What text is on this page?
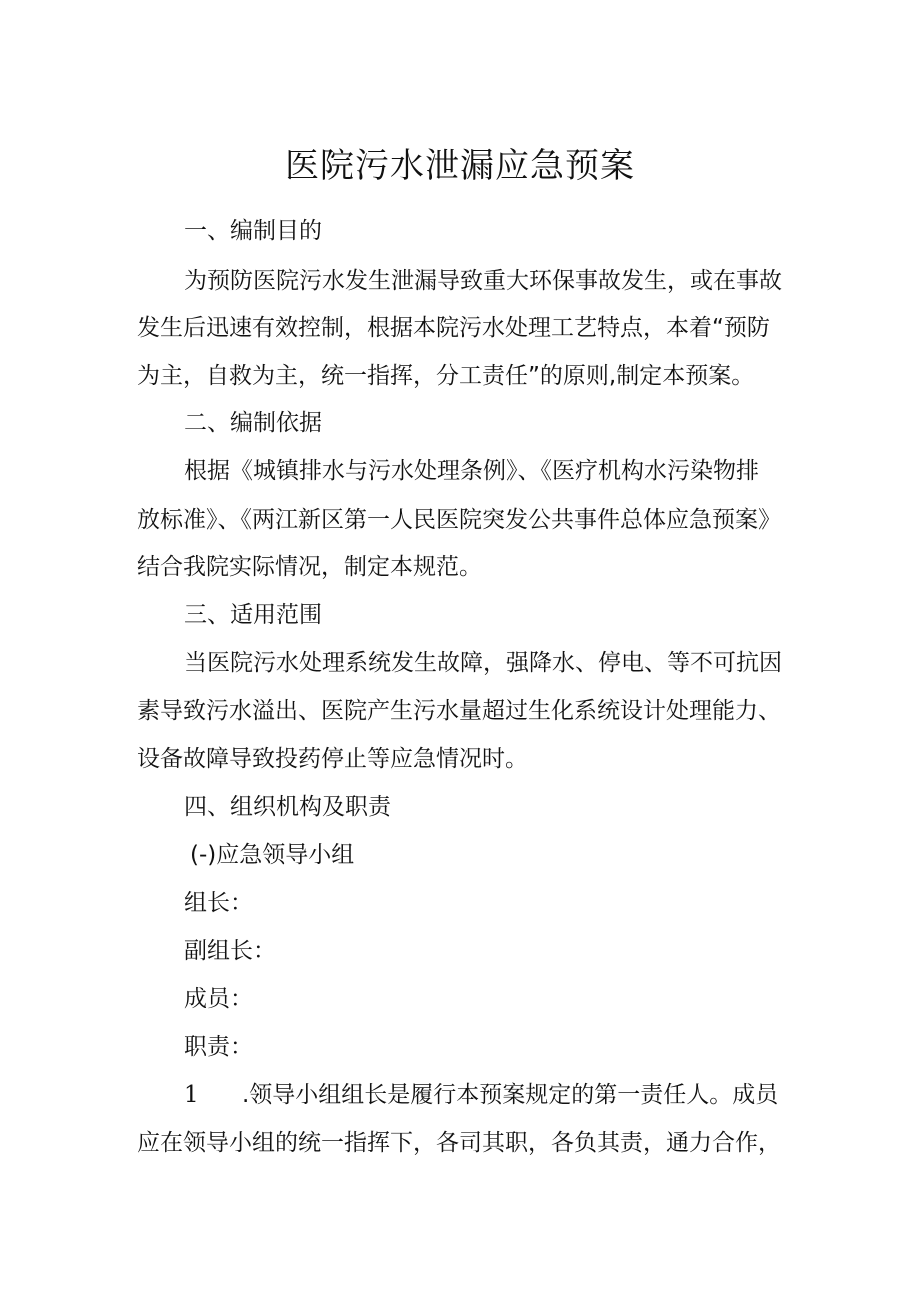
医院污水泄漏应急预案

一、编制目的

为预防医院污水发生泄漏导致重大环保事故发生，或在事故

发生后迅速有效控制，根据本院污水处理工艺特点，本着“预防

为主，自救为主，统一指挥，分工责任”的原则,制定本预案。

二、编制依据

根据《城镇排水与污水处理条例》、《医疗机构水污染物排

放标准》、《两江新区第一人民医院突发公共事件总体应急预案》

结合我院实际情况，制定本规范。

三、适用范围

当医院污水处理系统发生故障，强降水、停电、等不可抗因

素导致污水溢出、医院产生污水量超过生化系统设计处理能力、

设备故障导致投药停止等应急情况时。

四、组织机构及职责

(-)应急领导小组

组长：

副组长：

成员：

职责：

1 .领导小组组长是履行本预案规定的第一责任人。成员

应在领导小组的统一指挥下，各司其职，各负其责，通力合作，
